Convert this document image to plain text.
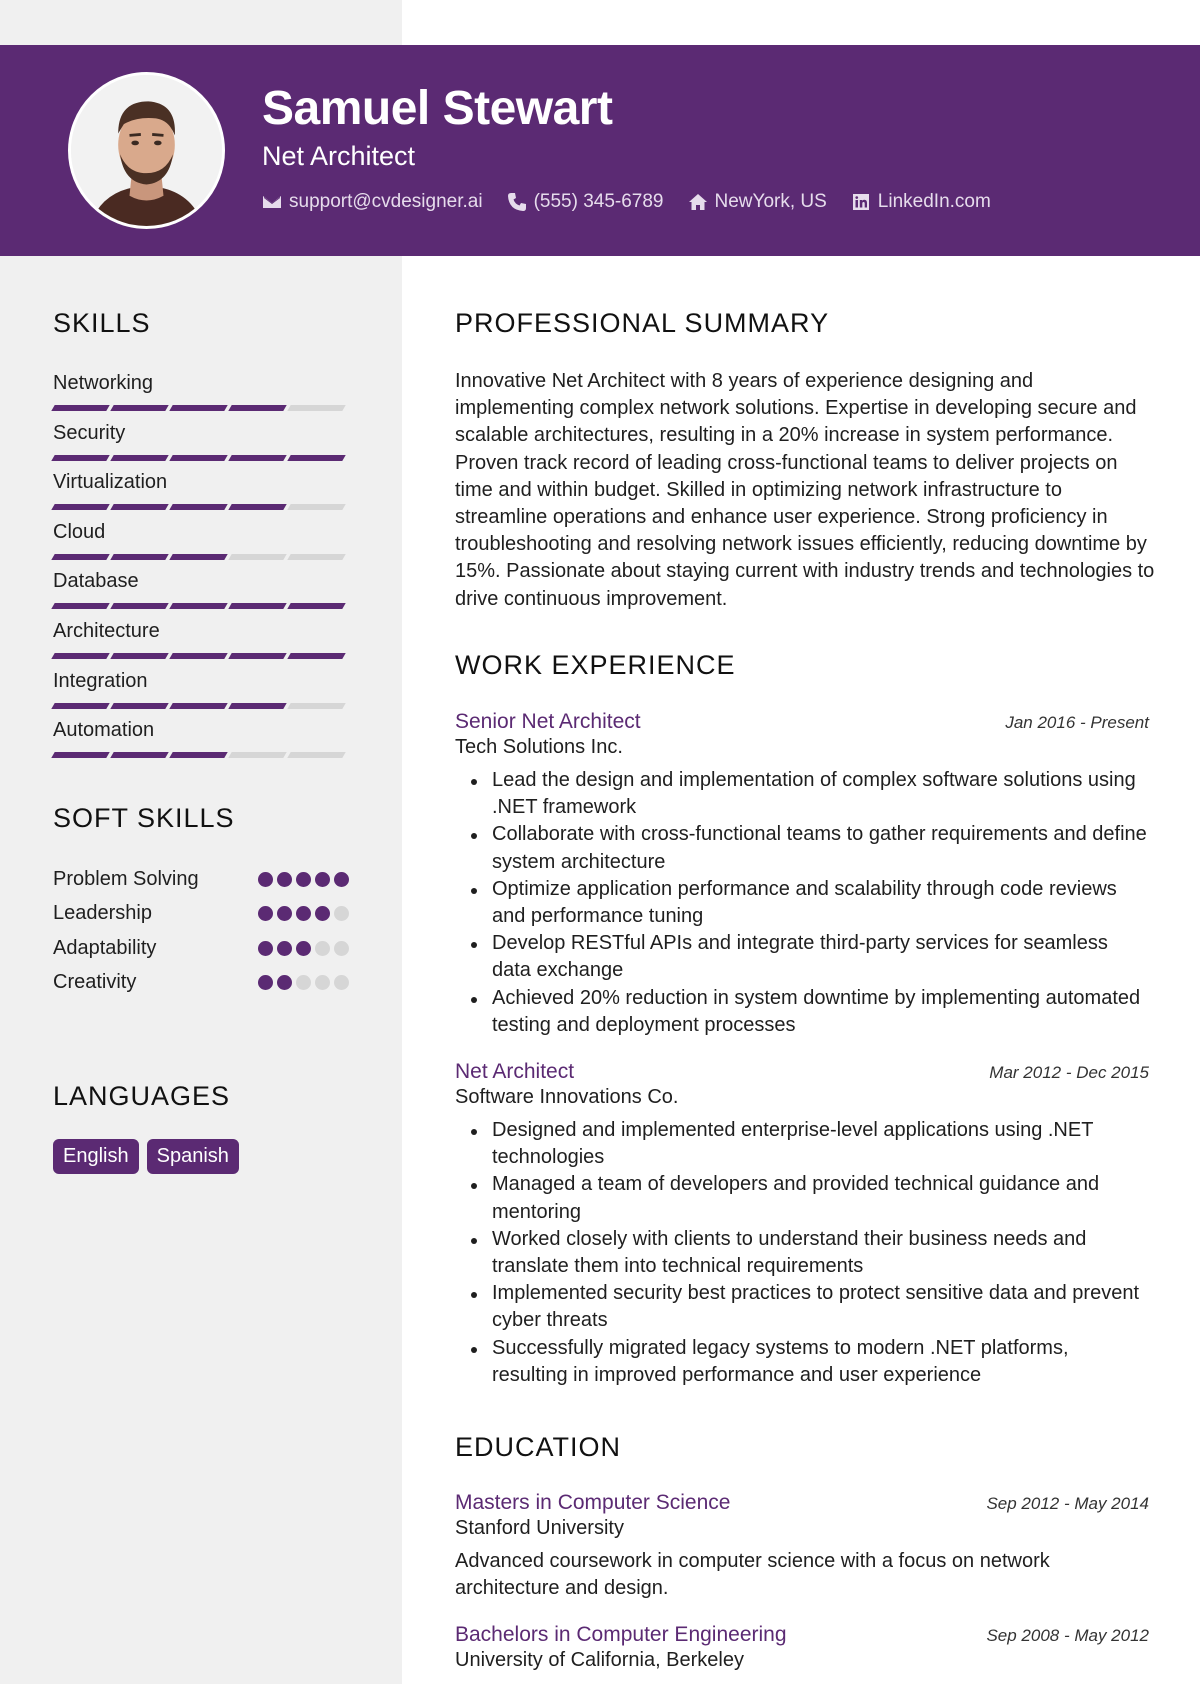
Samuel Stewart
Net Architect
support@cvdesigner.ai	(555) 345-6789	NewYork, US	LinkedIn.com
SKILLS
Networking
Security
Virtualization
Cloud
Database
Architecture
Integration
Automation
SOFT SKILLS
Problem Solving
Leadership
Adaptability
Creativity
LANGUAGES
English	Spanish
PROFESSIONAL SUMMARY
Innovative Net Architect with 8 years of experience designing and implementing complex network solutions. Expertise in developing secure and scalable architectures, resulting in a 20% increase in system performance. Proven track record of leading cross-functional teams to deliver projects on time and within budget. Skilled in optimizing network infrastructure to streamline operations and enhance user experience. Strong proficiency in troubleshooting and resolving network issues efficiently, reducing downtime by 15%. Passionate about staying current with industry trends and technologies to drive continuous improvement.
WORK EXPERIENCE
Senior Net Architect	Jan 2016 - Present
Tech Solutions Inc.
Lead the design and implementation of complex software solutions using .NET framework
Collaborate with cross-functional teams to gather requirements and define system architecture
Optimize application performance and scalability through code reviews and performance tuning
Develop RESTful APIs and integrate third-party services for seamless data exchange
Achieved 20% reduction in system downtime by implementing automated testing and deployment processes
Net Architect	Mar 2012 - Dec 2015
Software Innovations Co.
Designed and implemented enterprise-level applications using .NET technologies
Managed a team of developers and provided technical guidance and mentoring
Worked closely with clients to understand their business needs and translate them into technical requirements
Implemented security best practices to protect sensitive data and prevent cyber threats
Successfully migrated legacy systems to modern .NET platforms, resulting in improved performance and user experience
EDUCATION
Masters in Computer Science	Sep 2012 - May 2014
Stanford University
Advanced coursework in computer science with a focus on network architecture and design.
Bachelors in Computer Engineering	Sep 2008 - May 2012
University of California, Berkeley
